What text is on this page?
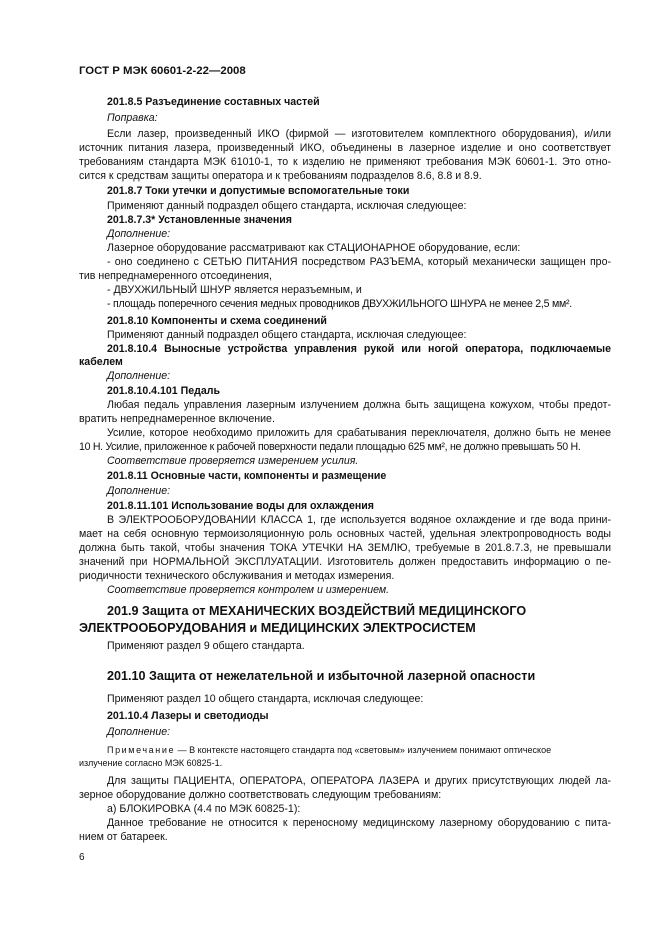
ГОСТ Р МЭК 60601-2-22—2008
201.8.5 Разъединение составных частей
Поправка:
Если лазер, произведенный ИКО (фирмой — изготовителем комплектного оборудования), и/или
источник питания лазера, произведенный ИКО, объединены в лазерное изделие и оно соответствует
требованиям стандарта МЭК 61010-1, то к изделию не применяют требования МЭК 60601-1. Это отно-
сится к средствам защиты оператора и к требованиям подразделов 8.6, 8.8 и 8.9.
201.8.7 Токи утечки и допустимые вспомогательные токи
Применяют данный подраздел общего стандарта, исключая следующее:
201.8.7.3* Установленные значения
Дополнение:
Лазерное оборудование рассматривают как СТАЦИОНАРНОЕ оборудование, если:
- оно соединено с СЕТЬЮ ПИТАНИЯ посредством РАЗЪЕМА, который механически защищен про-
тив непреднамеренного отсоединения,
- ДВУХЖИЛЬНЫЙ ШНУР является неразъемным, и
- площадь поперечного сечения медных проводников ДВУХЖИЛЬНОГО ШНУРА не менее 2,5 мм².
201.8.10 Компоненты и схема соединений
Применяют данный подраздел общего стандарта, исключая следующее:
201.8.10.4 Выносные устройства управления рукой или ногой оператора, подключаемые
кабелем
Дополнение:
201.8.10.4.101 Педаль
Любая педаль управления лазерным излучением должна быть защищена кожухом, чтобы предот-
вратить непреднамеренное включение.
Усилие, которое необходимо приложить для срабатывания переключателя, должно быть не менее
10 Н. Усилие, приложенное к рабочей поверхности педали площадью 625 мм², не должно превышать 50 Н.
Соответствие проверяется измерением усилия.
201.8.11 Основные части, компоненты и размещение
Дополнение:
201.8.11.101 Использование воды для охлаждения
В ЭЛЕКТРООБОРУДОВАНИИ КЛАССА 1, где используется водяное охлаждение и где вода прини-
мает на себя основную термоизоляционную роль основных частей, удельная электропроводность воды
должна быть такой, чтобы значения ТОКА УТЕЧКИ НА ЗЕМЛЮ, требуемые в 201.8.7.3, не превышали
значений при НОРМАЛЬНОЙ ЭКСПЛУАТАЦИИ. Изготовитель должен предоставить информацию о пе-
риодичности технического обслуживания и методах измерения.
Соответствие проверяется контролем и измерением.
201.9 Защита от МЕХАНИЧЕСКИХ ВОЗДЕЙСТВИЙ МЕДИЦИНСКОГО
ЭЛЕКТРООБОРУДОВАНИЯ и МЕДИЦИНСКИХ ЭЛЕКТРОСИСТЕМ
Применяют раздел 9 общего стандарта.
201.10 Защита от нежелательной и избыточной лазерной опасности
Применяют раздел 10 общего стандарта, исключая следующее:
201.10.4 Лазеры и светодиоды
Дополнение:
Примечание — В контексте настоящего стандарта под «световым» излучением понимают оптическое
излучение согласно МЭК 60825-1.
Для защиты ПАЦИЕНТА, ОПЕРАТОРА, ОПЕРАТОРА ЛАЗЕРА и других присутствующих людей ла-
зерное оборудование должно соответствовать следующим требованиям:
а) БЛОКИРОВКА (4.4 по МЭК 60825-1):
Данное требование не относится к переносному медицинскому лазерному оборудованию с пита-
нием от батареек.
6
